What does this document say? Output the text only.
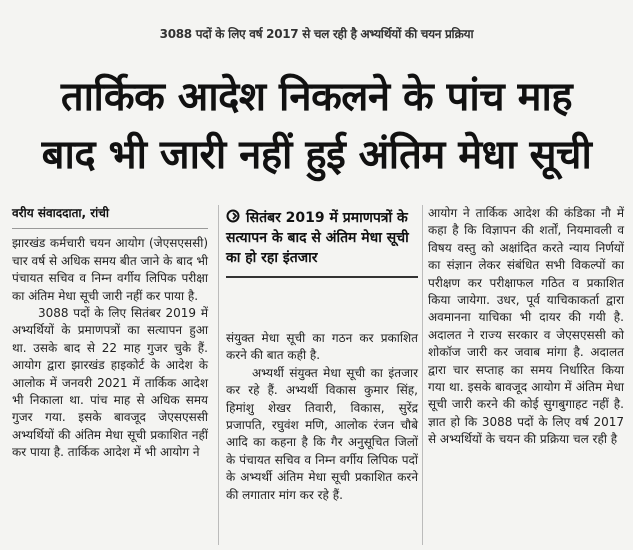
3088 पदों के लिए वर्ष 2017 से चल रही है अभ्यर्थियों की चयन प्रक्रिया
तार्किक आदेश निकलने के पांच माह
बाद भी जारी नहीं हुई अंतिम मेधा सूची
वरीय संवाददाता, रांची

झारखंड कर्मचारी चयन आयोग (जेएसएससी) चार वर्ष से अधिक समय बीत जाने के बाद भी पंचायत सचिव व निम्न वर्गीय लिपिक परीक्षा का अंतिम मेधा सूची जारी नहीं कर पाया है.

3088 पदों के लिए सितंबर 2019 में अभ्यर्थियों के प्रमाणपत्रों का सत्यापन हुआ था. उसके बाद से 22 माह गुजर चुके हैं. आयोग द्वारा झारखंड हाइकोर्ट के आदेश के आलोक में जनवरी 2021 में तार्किक आदेश भी निकाला था. पांच माह से अधिक समय गुजर गया. इसके बावजूद जेएसएससी अभ्यर्थियों की अंतिम मेधा सूची प्रकाशित नहीं कर पाया है. तार्किक आदेश में भी आयोग ने

सितंबर 2019 में प्रमाणपत्रों के सत्यापन के बाद से अंतिम मेधा सूची का हो रहा इंतजार

संयुक्त मेधा सूची का गठन कर प्रकाशित करने की बात कही है.

अभ्यर्थी संयुक्त मेधा सूची का इंतजार कर रहे हैं. अभ्यर्थी विकास कुमार सिंह, हिमांशु शेखर तिवारी, विकास, सुरेंद्र प्रजापति, रघुवंश मणि, आलोक रंजन चौबे आदि का कहना है कि गैर अनुसूचित जिलों के पंचायत सचिव व निम्न वर्गीय लिपिक पदों के अभ्यर्थी अंतिम मेधा सूची प्रकाशित करने की लगातार मांग कर रहे हैं.

आयोग ने तार्किक आदेश की कंडिका नौ में कहा है कि विज्ञापन की शर्तों, नियमावली व विषय वस्तु को अक्षांदित करते न्याय निर्णयों का संज्ञान लेकर संबंधित सभी विकल्पों का परीक्षण कर परीक्षाफल गठित व प्रकाशित किया जायेगा. उधर, पूर्व याचिकाकर्ता द्वारा अवमानना याचिका भी दायर की गयी है. अदालत ने राज्य सरकार व जेएसएससी को शोकॉज जारी कर जवाब मांगा है. अदालत द्वारा चार सप्ताह का समय निर्धारित किया गया था. इसके बावजूद आयोग में अंतिम मेधा सूची जारी करने की कोई सुगबुगाहट नहीं है. ज्ञात हो कि 3088 पदों के लिए वर्ष 2017 से अभ्यर्थियों के चयन की प्रक्रिया चल रही है
